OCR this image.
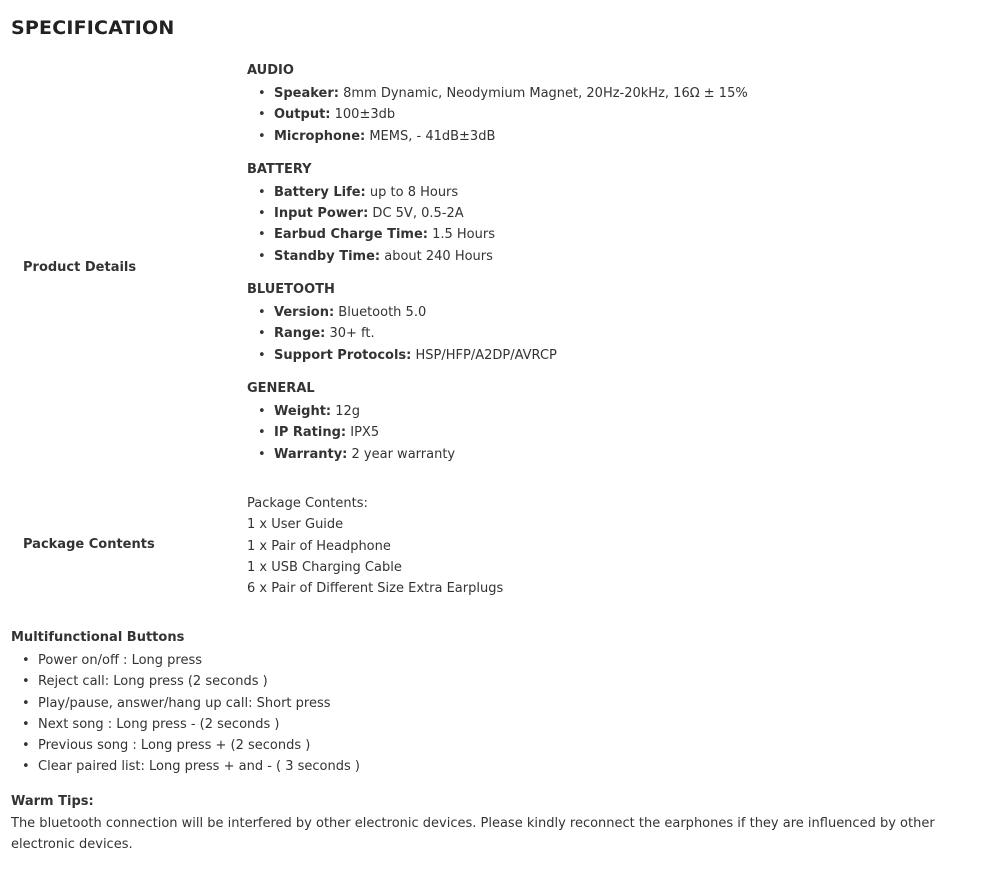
SPECIFICATION
Product Details
AUDIO
• Speaker: 8mm Dynamic, Neodymium Magnet, 20Hz-20kHz, 16Ω ± 15%
• Output: 100±3db
• Microphone: MEMS, - 41dB±3dB
BATTERY
• Battery Life: up to 8 Hours
• Input Power: DC 5V, 0.5-2A
• Earbud Charge Time: 1.5 Hours
• Standby Time: about 240 Hours
BLUETOOTH
• Version: Bluetooth 5.0
• Range: 30+ ft.
• Support Protocols: HSP/HFP/A2DP/AVRCP
GENERAL
• Weight: 12g
• IP Rating: IPX5
• Warranty: 2 year warranty
Package Contents
Package Contents:
1 x User Guide
1 x Pair of Headphone
1 x USB Charging Cable
6 x Pair of Different Size Extra Earplugs
Multifunctional Buttons
• Power on/off : Long press
• Reject call: Long press (2 seconds )
• Play/pause, answer/hang up call: Short press
• Next song : Long press - (2 seconds )
• Previous song : Long press + (2 seconds )
• Clear paired list: Long press + and - ( 3 seconds )
Warm Tips:

The bluetooth connection will be interfered by other electronic devices. Please kindly reconnect the earphones if they are influenced by other electronic devices.
